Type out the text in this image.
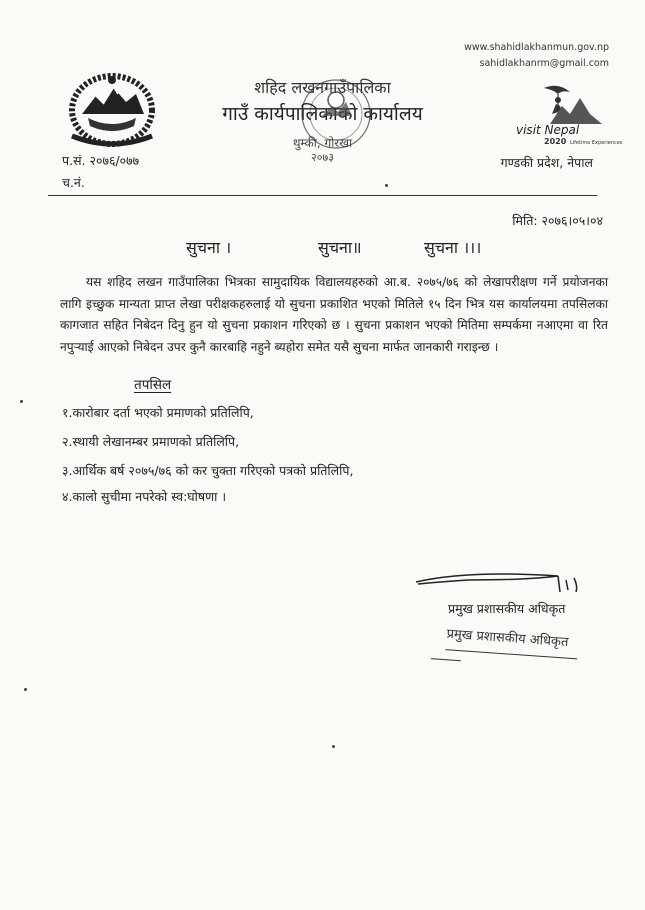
www.shahidlakhanmun.gov.np
sahidlakhanrm@gmail.com
शहिद लखनगाउँपालिका
गाउँ कार्यपालिकाको कार्यालय
थुम्की, गोरखा
२०७३
visit Nepal
2020 Lifetime Experiences
प.सं. २०७६/०७७
च.नं.
गण्डकी प्रदेश, नेपाल
मिति: २०७६।०५।०४
सुचना ।	सुचना॥	सुचना ।।।
यस शहिद लखन गाउँपालिका भित्रका सामुदायिक विद्यालयहरुको आ.ब. २०७५/७६ को लेखापरीक्षण गर्ने प्रयोजनका लागि इच्छुक मान्यता प्राप्त लेखा परीक्षकहरुलाई यो सुचना प्रकाशित भएको मितिले १५ दिन भित्र यस कार्यालयमा तपसिलका कागजात सहित निबेदन दिनु हुन यो सुचना प्रकाशन गरिएको छ । सुचना प्रकाशन भएको मितिमा सम्पर्कमा नआएमा वा रित नपुऱ्याई आएको निबेदन उपर कुनै कारबाहि नहुने ब्यहोरा समेत यसै सुचना मार्फत जानकारी गराइन्छ ।
तपसिल
१.कारोबार दर्ता भएको प्रमाणको प्रतिलिपि,
२.स्थायी लेखानम्बर प्रमाणको प्रतिलिपि,
३.आर्थिक बर्ष २०७५/७६ को कर चुक्ता गरिएको पत्रको प्रतिलिपि,
४.कालो सुचीमा नपरेको स्व:घोषणा ।
प्रमुख प्रशासकीय अधिकृत
प्रमुख प्रशासकीय अधिकृत
